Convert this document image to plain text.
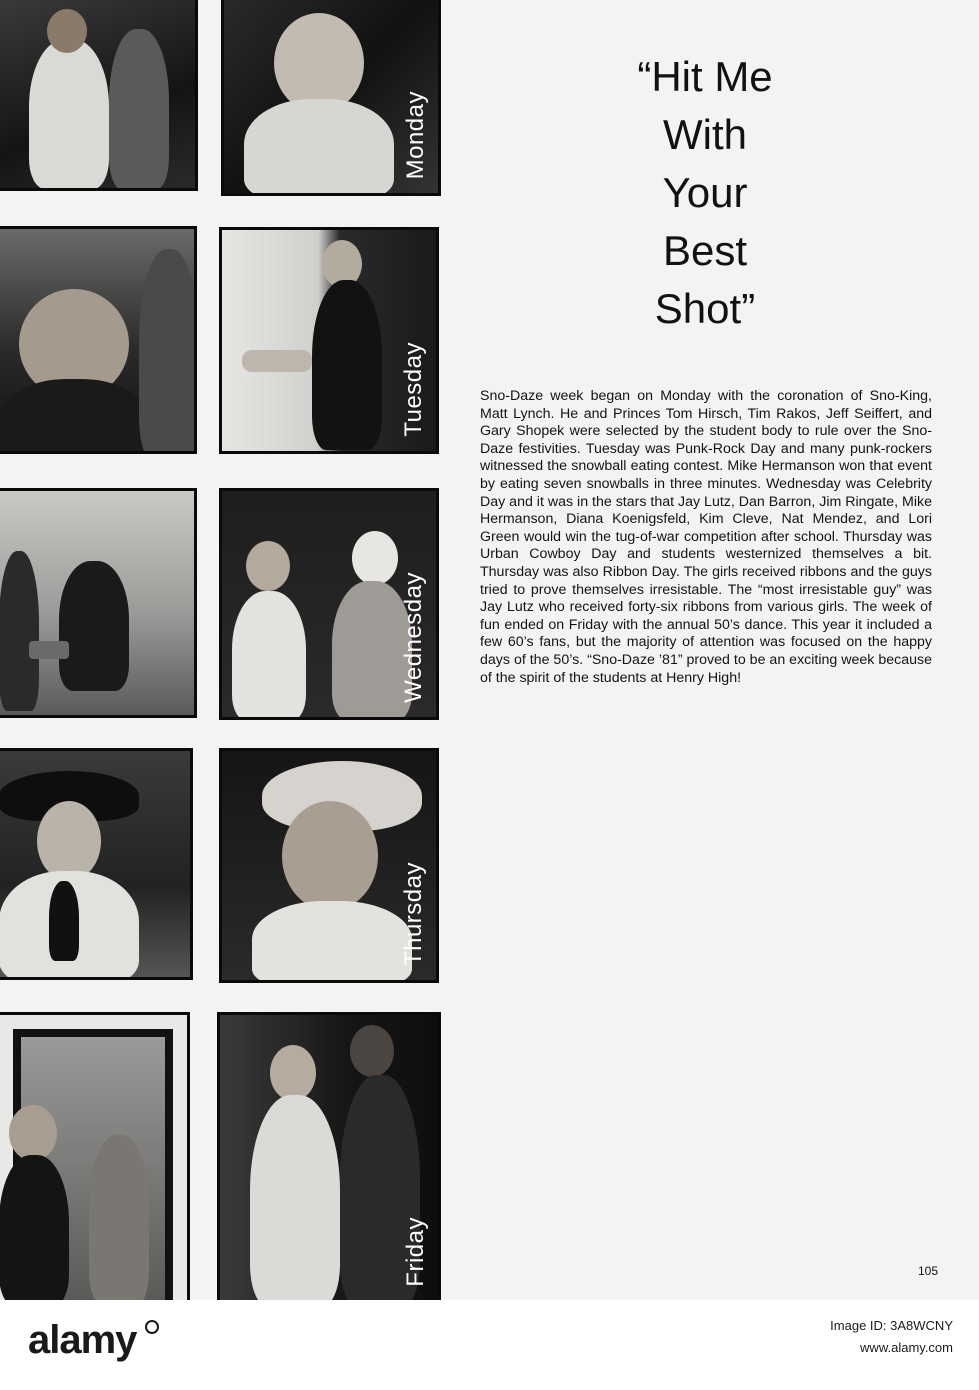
Monday
Tuesday
Wednesday
Thursday
Friday
“Hit Me
With
Your
Best
Shot”
Sno-Daze week began on Monday with the coronation of Sno-King, Matt Lynch. He and Princes Tom Hirsch, Tim Rakos, Jeff Seiffert, and Gary Shopek were selected by the student body to rule over the Sno-Daze festivities. Tuesday was Punk-Rock Day and many punk-rockers witnessed the snowball eating contest. Mike Hermanson won that event by eating seven snowballs in three minutes. Wednesday was Celebrity Day and it was in the stars that Jay Lutz, Dan Barron, Jim Ringate, Mike Hermanson, Diana Koenigsfeld, Kim Cleve, Nat Mendez, and Lori Green would win the tug-of-war competition after school. Thursday was Urban Cowboy Day and students westernized themselves a bit. Thursday was also Ribbon Day. The girls received ribbons and the guys tried to prove themselves irresistable. The “most irresistable guy” was Jay Lutz who received forty-six ribbons from various girls. The week of fun ended on Friday with the annual 50’s dance. This year it included a few 60’s fans, but the majority of attention was focused on the happy days of the 50’s. “Sno-Daze ’81” proved to be an exciting week because of the spirit of the students at Henry High!
105
alamy	Image ID: 3A8WCNY
www.alamy.com
